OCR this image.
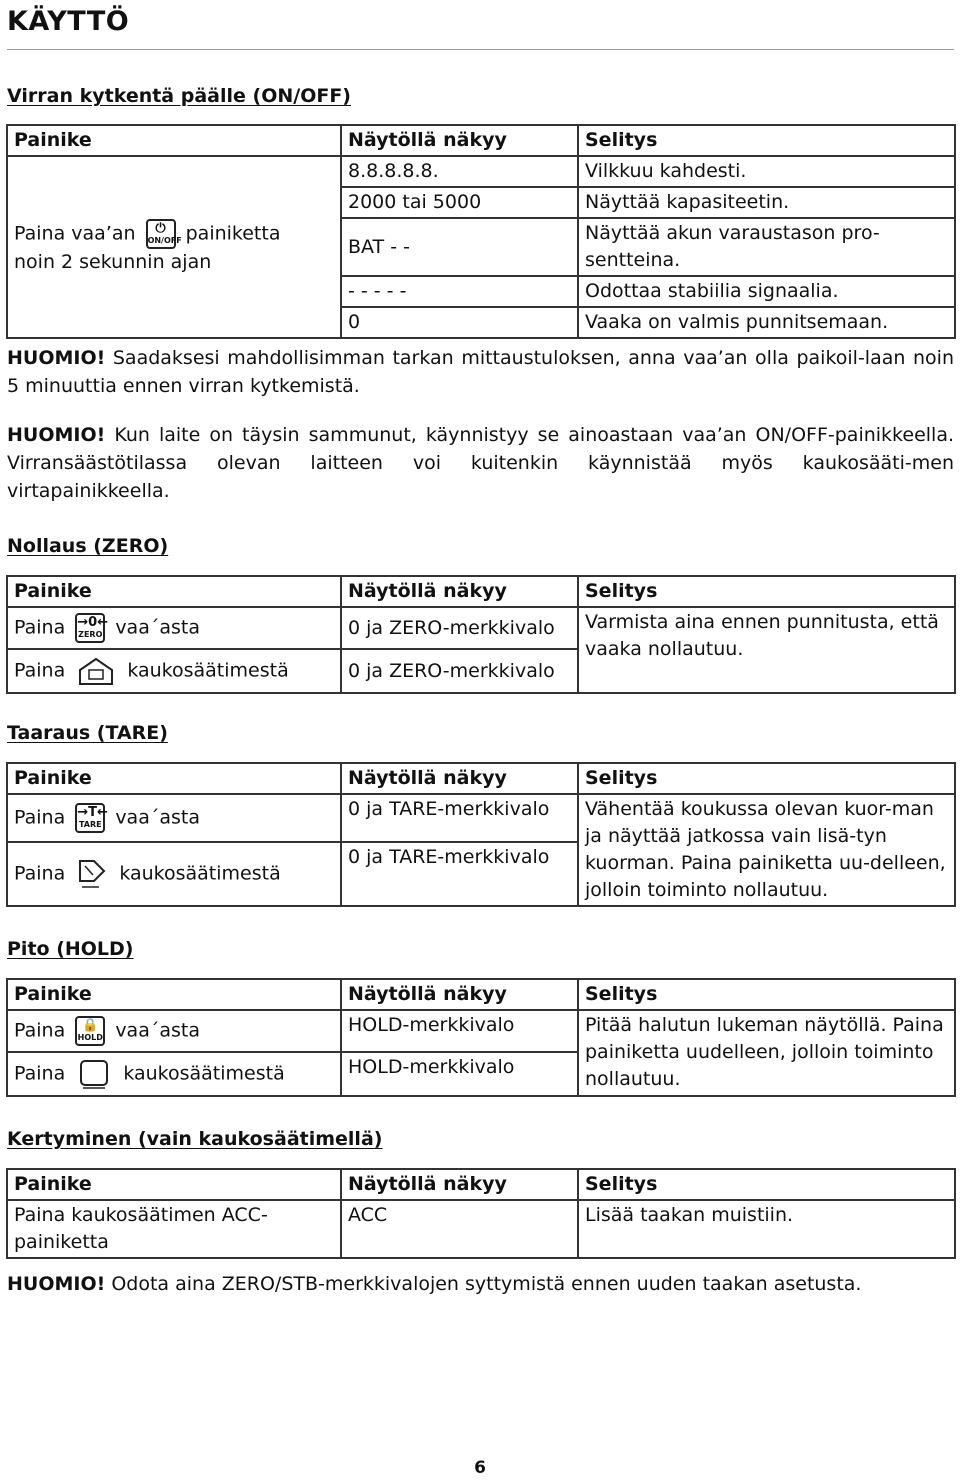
KÄYTTÖ
Virran kytkentä päälle (ON/OFF)
Painike	Näytöllä näkyy	Selitys
Paina vaa’an ⏻
ON/OFF painiketta
noin 2 sekunnin ajan	8.8.8.8.8.	Vilkkuu kahdesti.
	2000 tai 5000	Näyttää kapasiteetin.
	BAT - -	Näyttää akun varaustason pro-sentteina.
	- - - - -	Odottaa stabiilia signaalia.
	0	Vaaka on valmis punnitsemaan.
HUOMIO! Saadaksesi mahdollisimman tarkan mittaustuloksen, anna vaa’an olla paikoil-laan noin 5 minuuttia ennen virran kytkemistä.
HUOMIO! Kun laite on täysin sammunut, käynnistyy se ainoastaan vaa’an ON/OFF-painikkeella. Virransäästötilassa olevan laitteen voi kuitenkin käynnistää myös kaukosääti-men virtapainikkeella.
Nollaus (ZERO)
Painike	Näytöllä näkyy	Selitys
Paina →0←
ZERO vaa´asta	0 ja ZERO-merkkivalo	Varmista aina ennen punnitusta, että vaaka nollautuu.
Paina kaukosäätimestä	0 ja ZERO-merkkivalo	
Taaraus (TARE)
Painike	Näytöllä näkyy	Selitys
Paina →T←
TARE vaa´asta	0 ja TARE-merkkivalo	Vähentää koukussa olevan kuor-man ja näyttää jatkossa vain lisä-tyn kuorman. Paina painiketta uu-delleen, jolloin toiminto nollautuu.
Paina kaukosäätimestä	0 ja TARE-merkkivalo	
Pito (HOLD)
Painike	Näytöllä näkyy	Selitys
Paina 🔒
HOLD vaa´asta	HOLD-merkkivalo	Pitää halutun lukeman näytöllä. Paina painiketta uudelleen, jolloin toiminto nollautuu.
Paina kaukosäätimestä	HOLD-merkkivalo	
Kertyminen (vain kaukosäätimellä)
Painike	Näytöllä näkyy	Selitys
Paina kaukosäätimen ACC-painiketta	ACC	Lisää taakan muistiin.
HUOMIO! Odota aina ZERO/STB-merkkivalojen syttymistä ennen uuden taakan asetusta.
6
